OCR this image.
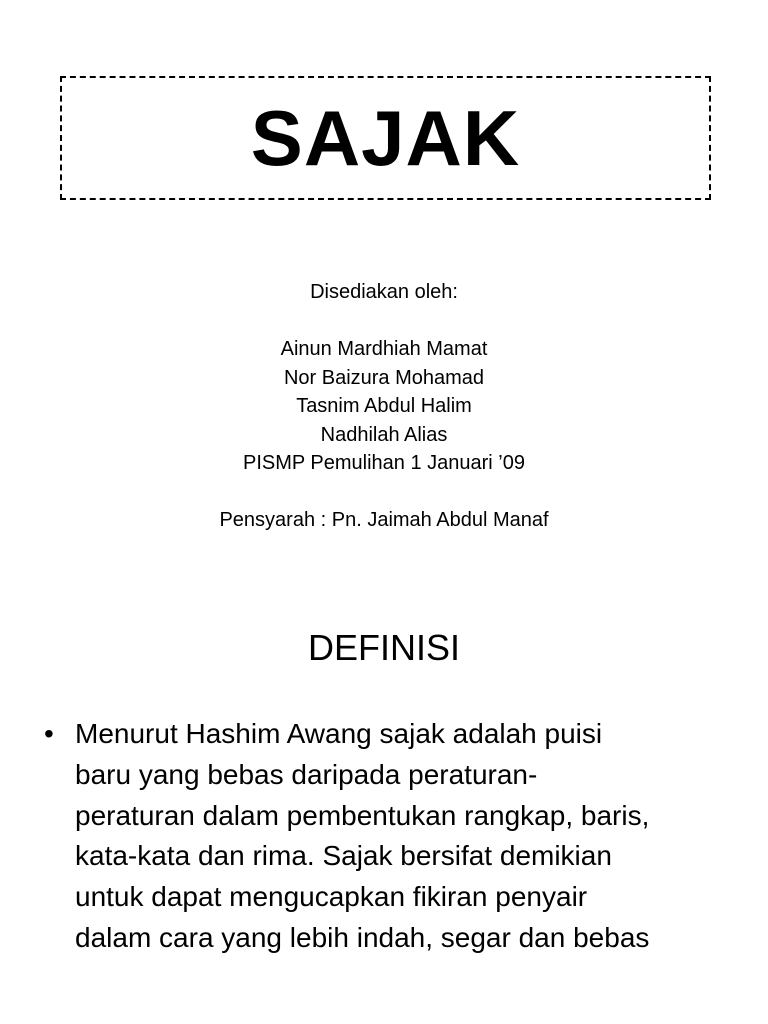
SAJAK
Disediakan oleh:
Ainun Mardhiah Mamat
Nor Baizura Mohamad
Tasnim Abdul Halim
Nadhilah Alias
PISMP Pemulihan 1 Januari ’09
Pensyarah : Pn. Jaimah Abdul Manaf
DEFINISI
• Menurut Hashim Awang sajak adalah puisi
baru yang bebas daripada peraturan-
peraturan dalam pembentukan rangkap, baris,
kata-kata dan rima. Sajak bersifat demikian
untuk dapat mengucapkan fikiran penyair
dalam cara yang lebih indah, segar dan bebas
